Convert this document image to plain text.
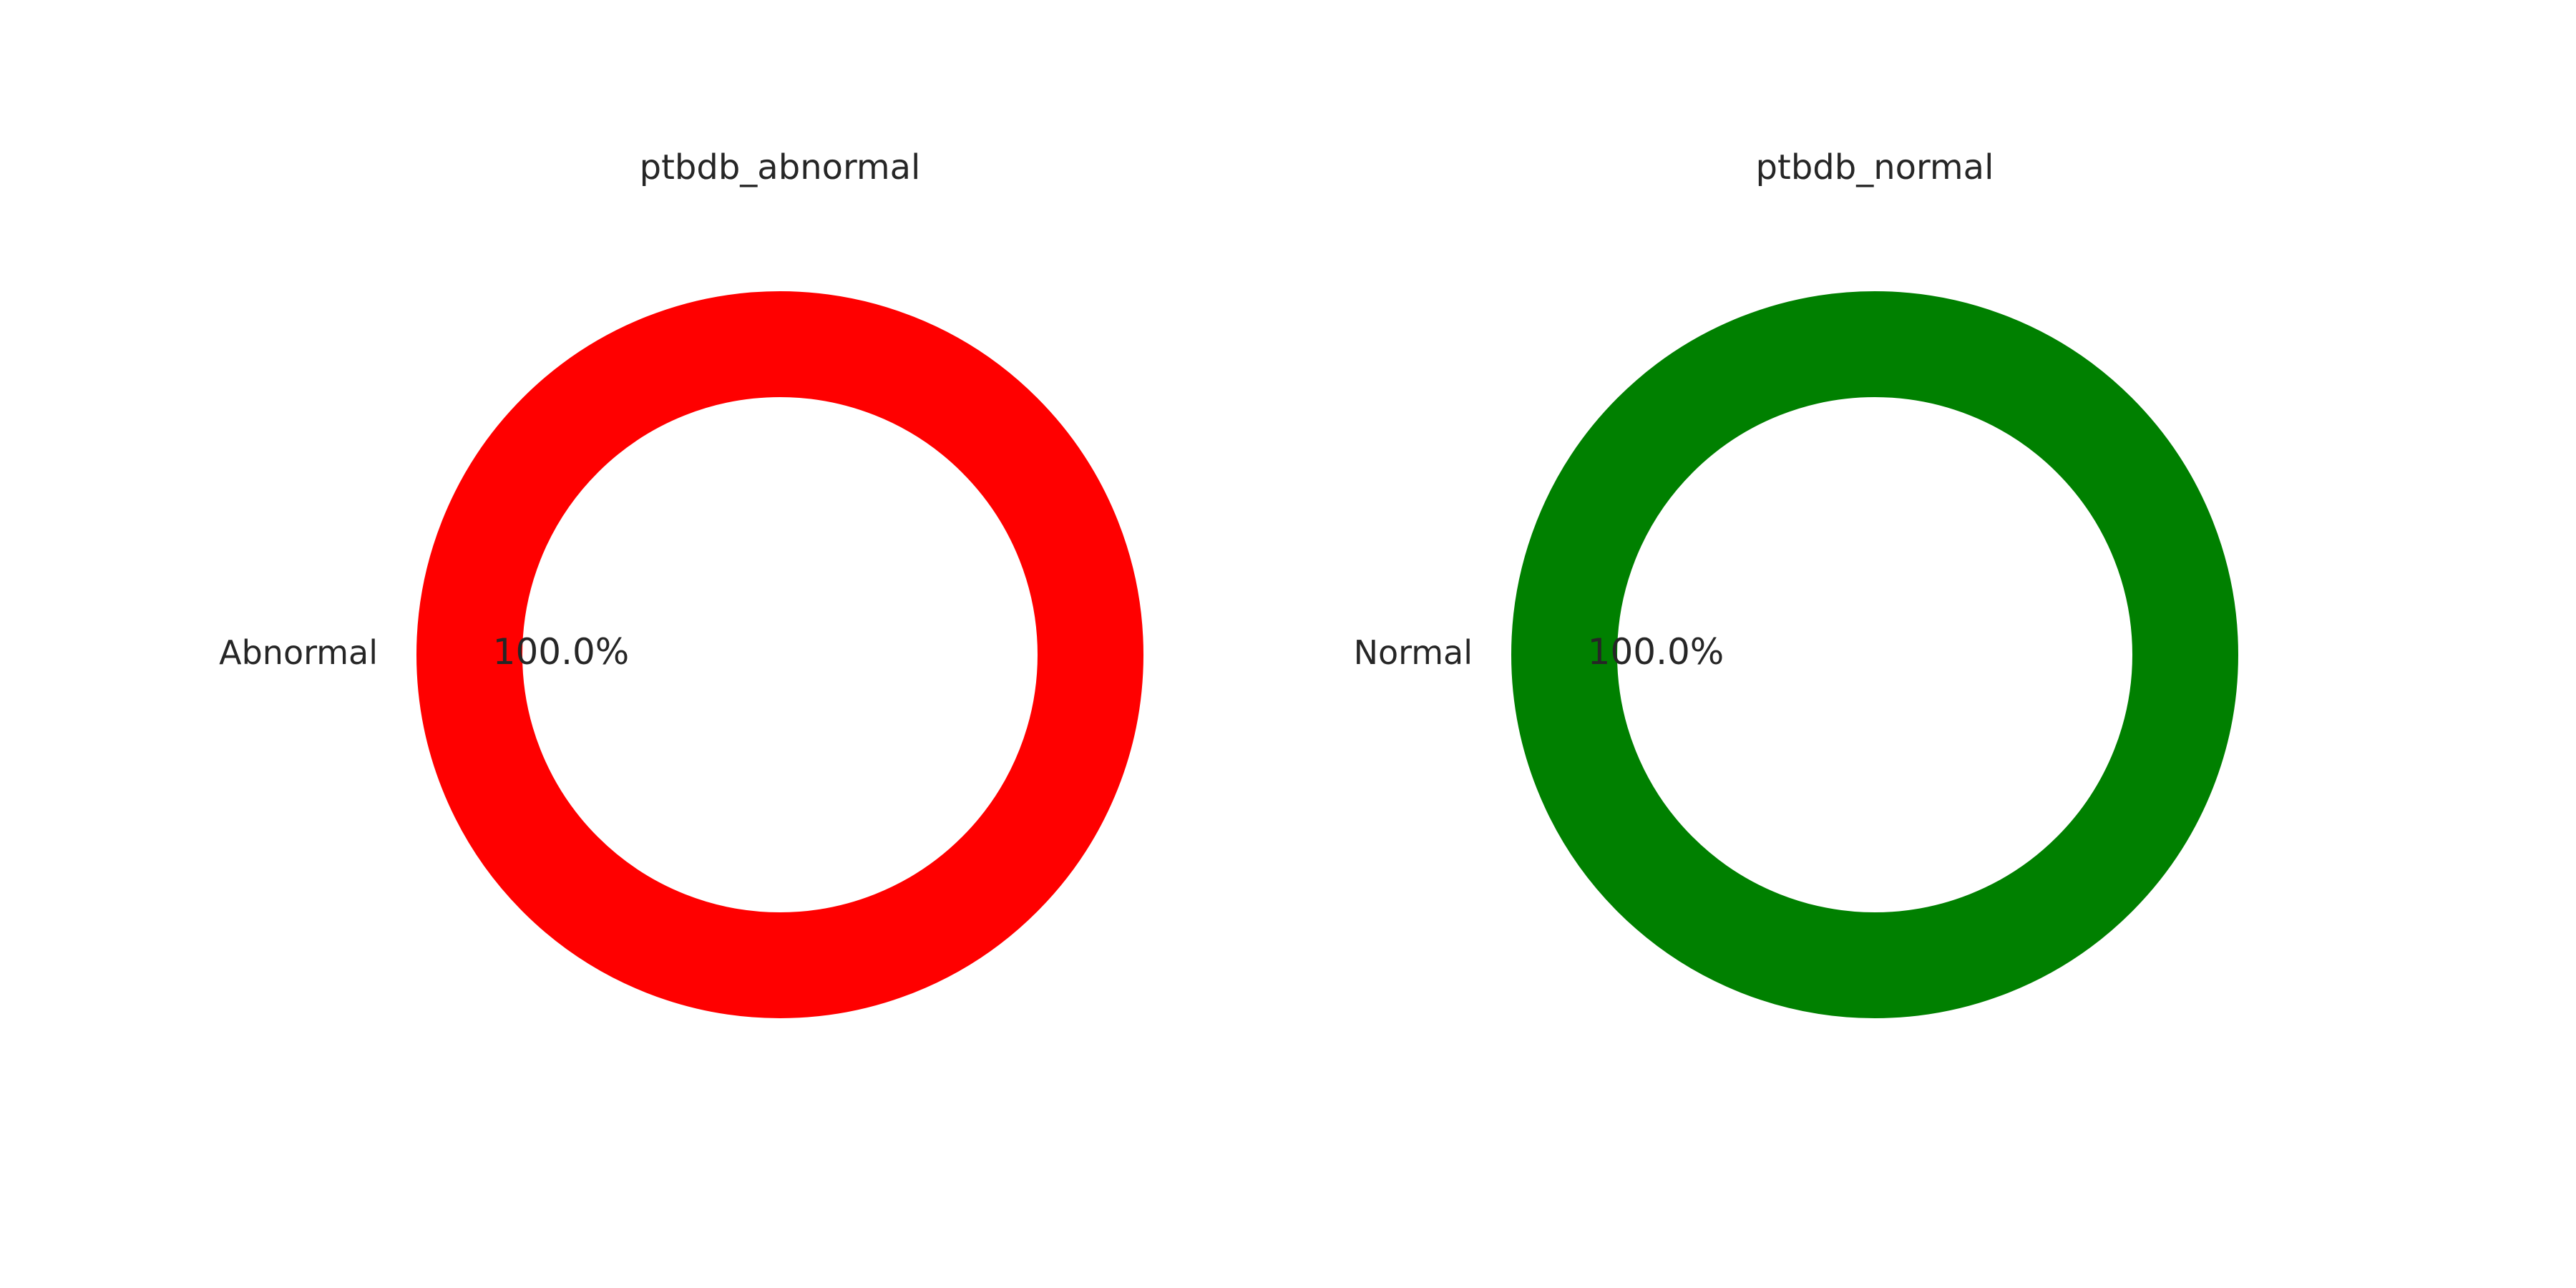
ptbdb_abnormal
Abnormal	100.0%
ptbdb_normal
Normal	100.0%
